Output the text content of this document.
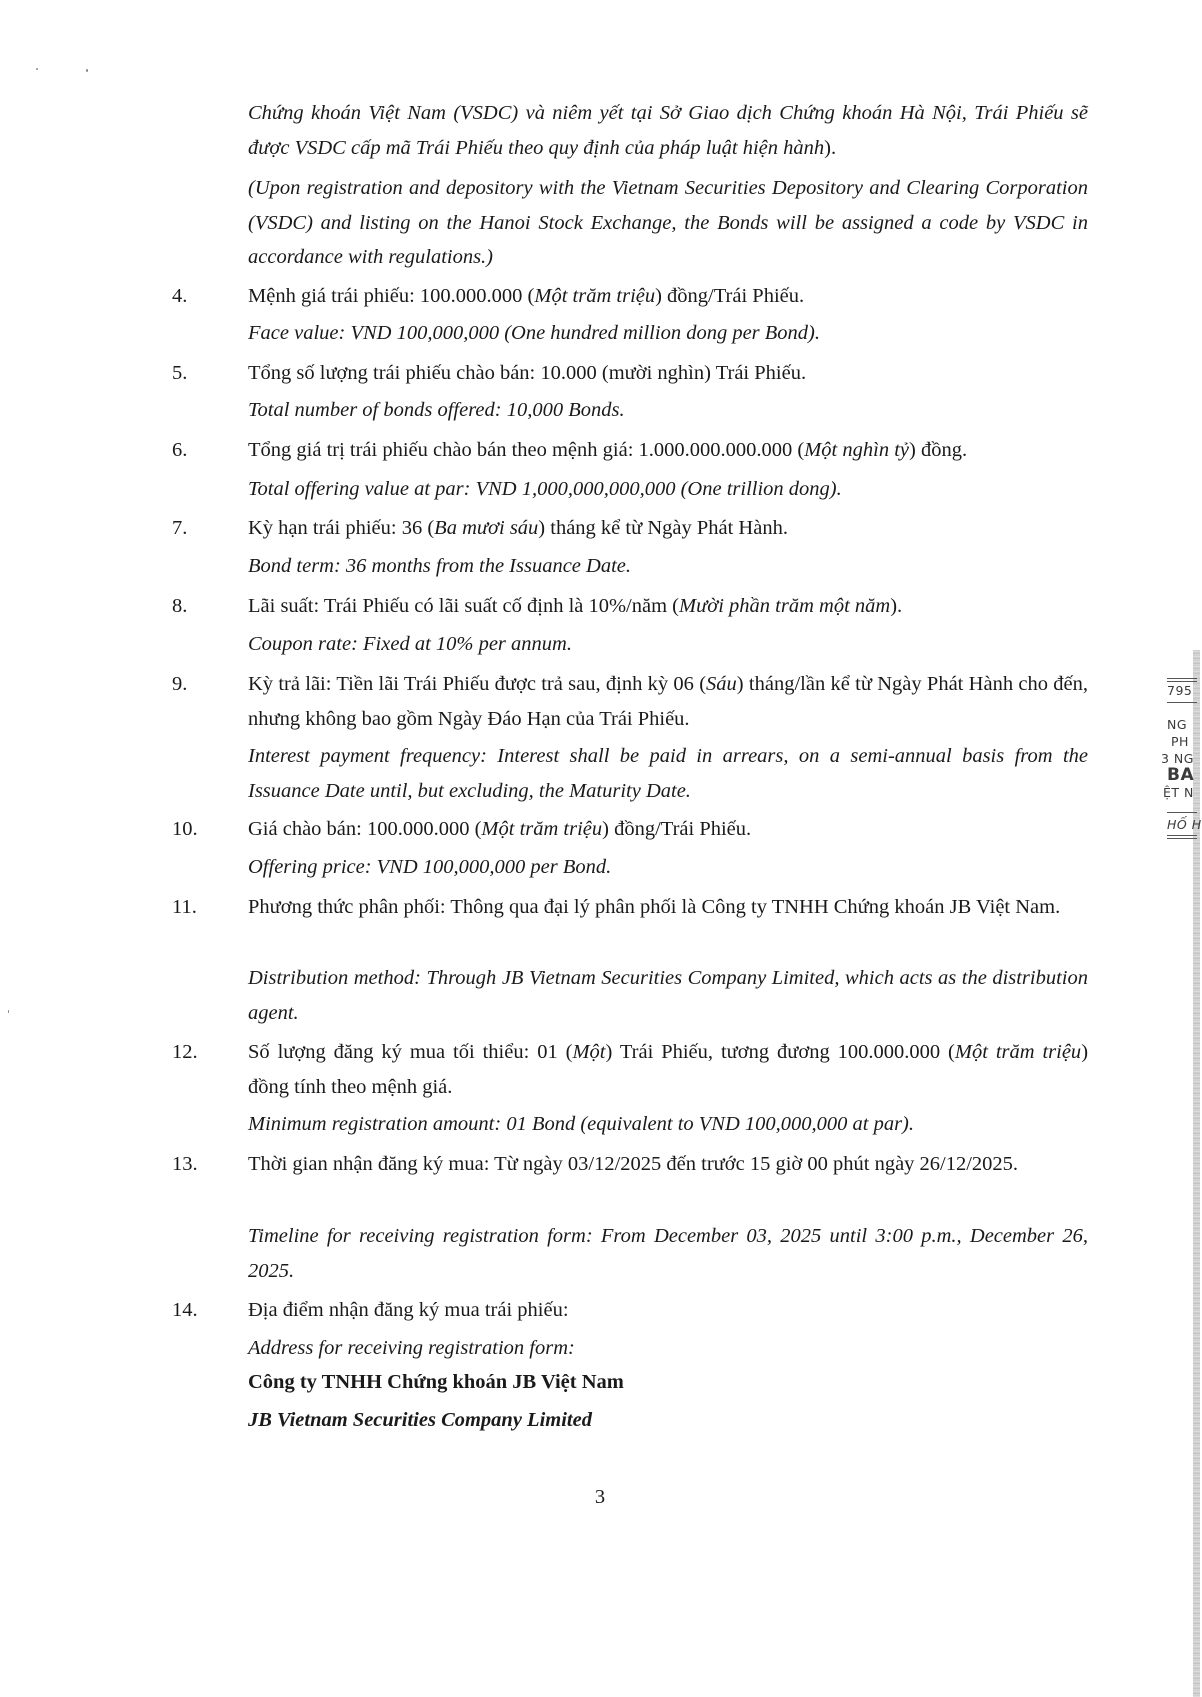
Chứng khoán Việt Nam (VSDC) và niêm yết tại Sở Giao dịch Chứng khoán Hà Nội, Trái Phiếu sẽ được VSDC cấp mã Trái Phiếu theo quy định của pháp luật hiện hành).
(Upon registration and depository with the Vietnam Securities Depository and Clearing Corporation (VSDC) and listing on the Hanoi Stock Exchange, the Bonds will be assigned a code by VSDC in accordance with regulations.)
4.	Mệnh giá trái phiếu: 100.000.000 (Một trăm triệu) đồng/Trái Phiếu.
Face value: VND 100,000,000 (One hundred million dong per Bond).
5.	Tổng số lượng trái phiếu chào bán: 10.000 (mười nghìn) Trái Phiếu.
Total number of bonds offered: 10,000 Bonds.
6.	Tổng giá trị trái phiếu chào bán theo mệnh giá: 1.000.000.000.000 (Một nghìn tỷ) đồng.
Total offering value at par: VND 1,000,000,000,000 (One trillion dong).
7.	Kỳ hạn trái phiếu: 36 (Ba mươi sáu) tháng kể từ Ngày Phát Hành.
Bond term: 36 months from the Issuance Date.
8.	Lãi suất: Trái Phiếu có lãi suất cố định là 10%/năm (Mười phần trăm một năm).
Coupon rate: Fixed at 10% per annum.
9.	Kỳ trả lãi: Tiền lãi Trái Phiếu được trả sau, định kỳ 06 (Sáu) tháng/lần kể từ Ngày Phát Hành cho đến, nhưng không bao gồm Ngày Đáo Hạn của Trái Phiếu.
Interest payment frequency: Interest shall be paid in arrears, on a semi-annual basis from the Issuance Date until, but excluding, the Maturity Date.
10. Giá chào bán: 100.000.000 (Một trăm triệu) đồng/Trái Phiếu.
Offering price: VND 100,000,000 per Bond.
11. Phương thức phân phối: Thông qua đại lý phân phối là Công ty TNHH Chứng khoán JB Việt Nam.
Distribution method: Through JB Vietnam Securities Company Limited, which acts as the distribution agent.
12. Số lượng đăng ký mua tối thiểu: 01 (Một) Trái Phiếu, tương đương 100.000.000 (Một trăm triệu) đồng tính theo mệnh giá.
Minimum registration amount: 01 Bond (equivalent to VND 100,000,000 at par).
13. Thời gian nhận đăng ký mua: Từ ngày 03/12/2025 đến trước 15 giờ 00 phút ngày 26/12/2025.
Timeline for receiving registration form: From December 03, 2025 until 3:00 p.m., December 26, 2025.
14. Địa điểm nhận đăng ký mua trái phiếu:
Address for receiving registration form:
Công ty TNHH Chứng khoán JB Việt Nam
JB Vietnam Securities Company Limited
3
795
NG
PH
3 NG
BA
ỆT N
HỐ H
